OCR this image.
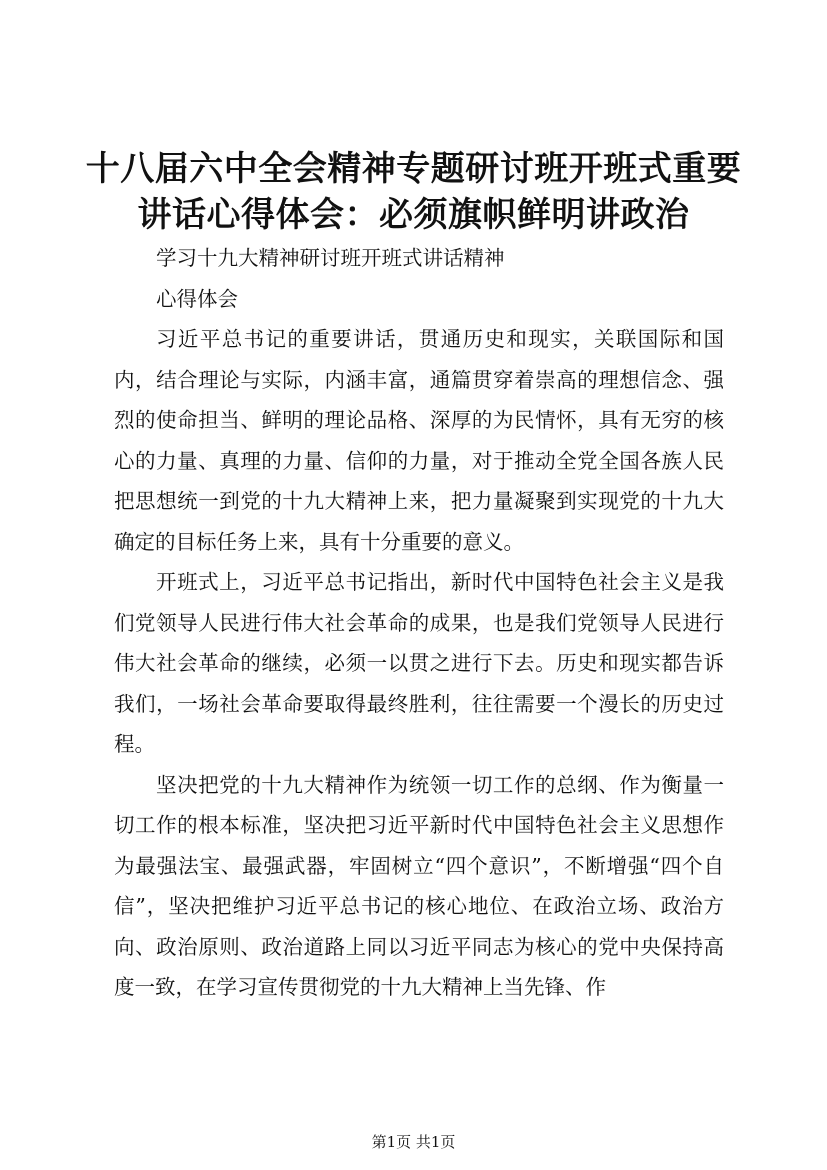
十八届六中全会精神专题研讨班开班式重要讲话心得体会：必须旗帜鲜明讲政治

学习十九大精神研讨班开班式讲话精神

心得体会

习近平总书记的重要讲话，贯通历史和现实，关联国际和国内，结合理论与实际，内涵丰富，通篇贯穿着崇高的理想信念、强烈的使命担当、鲜明的理论品格、深厚的为民情怀，具有无穷的核心的力量、真理的力量、信仰的力量，对于推动全党全国各族人民把思想统一到党的十九大精神上来，把力量凝聚到实现党的十九大确定的目标任务上来，具有十分重要的意义。

开班式上，习近平总书记指出，新时代中国特色社会主义是我们党领导人民进行伟大社会革命的成果，也是我们党领导人民进行伟大社会革命的继续，必须一以贯之进行下去。历史和现实都告诉我们，一场社会革命要取得最终胜利，往往需要一个漫长的历史过程。

坚决把党的十九大精神作为统领一切工作的总纲、作为衡量一切工作的根本标准，坚决把习近平新时代中国特色社会主义思想作为最强法宝、最强武器，牢固树立“四个意识”，不断增强“四个自信”，坚决把维护习近平总书记的核心地位、在政治立场、政治方向、政治原则、政治道路上同以习近平同志为核心的党中央保持高度一致，在学习宣传贯彻党的十九大精神上当先锋、作

第1页 共1页
